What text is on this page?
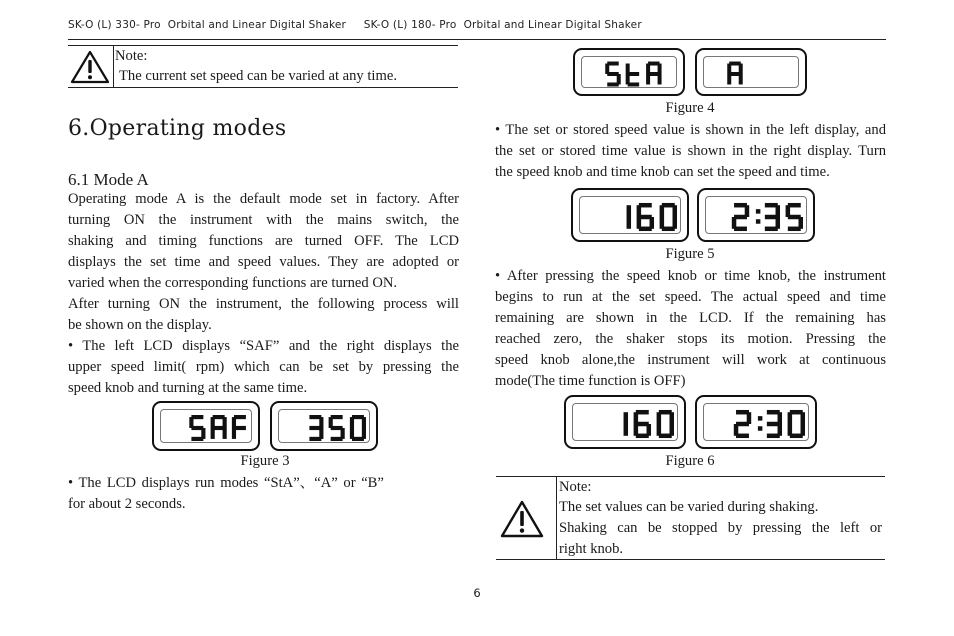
SK-O (L) 330- Pro  Orbital and Linear Digital Shaker     SK-O (L) 180- Pro  Orbital and Linear Digital Shaker
Note:
The current set speed can be varied at any time.
6.Operating modes
6.1 Mode A
Operating mode A is the default mode set in factory. After
turning ON the instrument with the mains switch, the
shaking and timing functions are turned OFF. The LCD
displays the set time and speed values. They are adopted or
varied when the corresponding functions are turned ON.
After turning ON the instrument, the following process will
be shown on the display.
• The left LCD displays “SAF” and the right displays the
upper speed limit( rpm) which can be set by pressing the
speed knob and turning at the same time.
Figure 3
• The LCD displays run modes “StA”、“A” or “B”
for about 2 seconds.
Figure 4
• The set or stored speed value is shown in the left display, and
the set or stored time value is shown in the right display. Turn
the speed knob and time knob can set the speed and time.
Figure 5
• After pressing the speed knob or time knob, the instrument
begins to run at the set speed. The actual speed and time
remaining are shown in the LCD. If the remaining has
reached zero, the shaker stops its motion. Pressing the
speed knob alone,the instrument will work at continuous
mode(The time function is OFF)
Figure 6
Note:
The set values can be varied during shaking.
Shaking can be stopped by pressing the left or
right knob.
6
